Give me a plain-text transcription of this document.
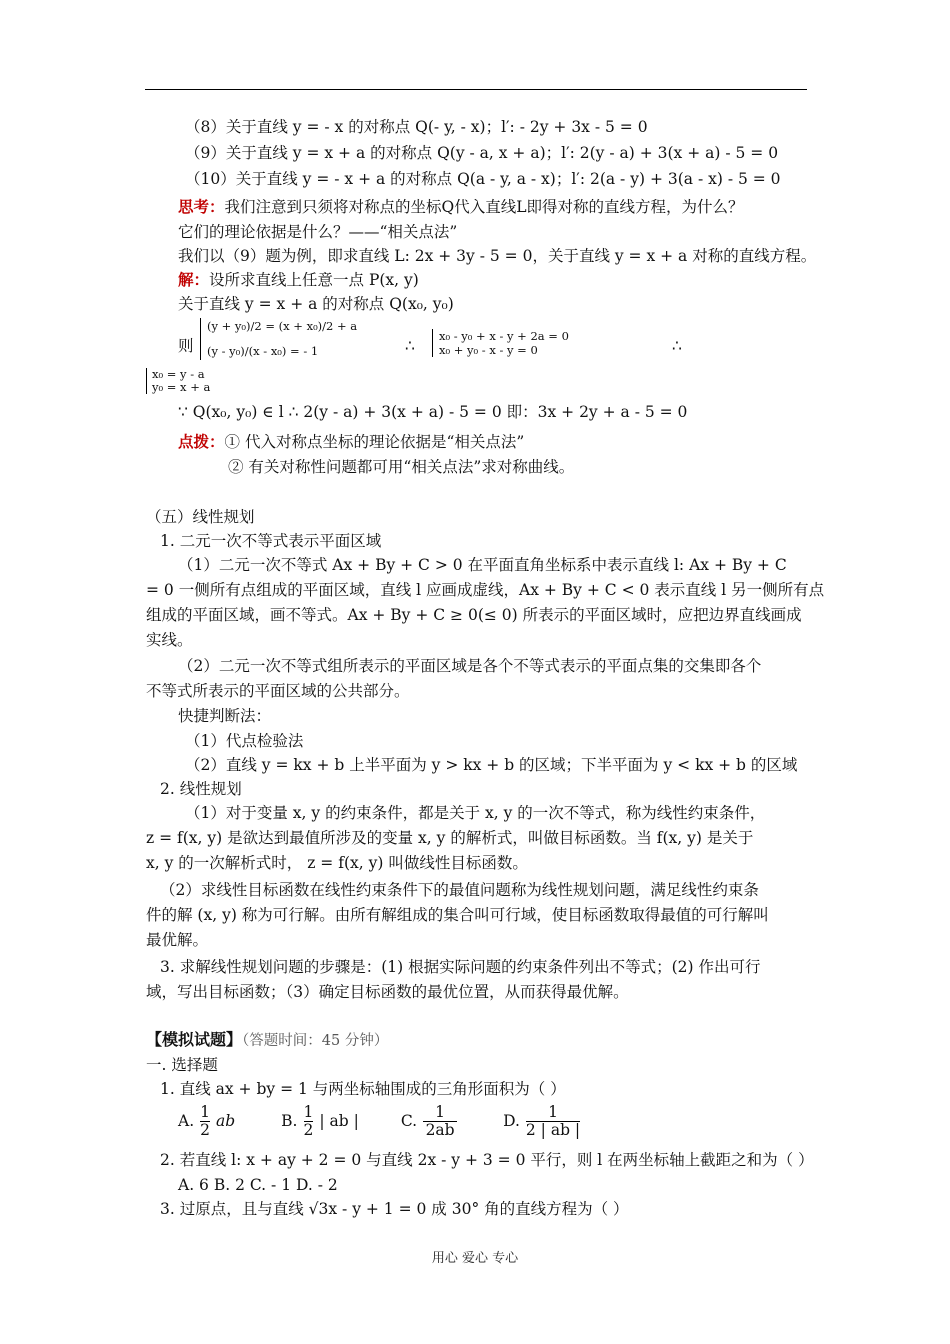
（8）关于直线 y = - x 的对称点 Q(- y, - x)；l′: - 2y + 3x - 5 = 0
（9）关于直线 y = x + a 的对称点 Q(y - a, x + a)；l′: 2(y - a) + 3(x + a) - 5 = 0
（10）关于直线 y = - x + a 的对称点 Q(a - y, a - x)；l′: 2(a - y) + 3(a - x) - 5 = 0
思考：我们注意到只须将对称点的坐标Q代入直线L即得对称的直线方程，为什么？
它们的理论依据是什么？——“相关点法”
我们以（9）题为例，即求直线 L: 2x + 3y - 5 = 0，关于直线 y = x + a 对称的直线方程。
解：设所求直线上任意一点 P(x, y)
关于直线 y = x + a 的对称点 Q(x₀, y₀)
则
(y + y₀)/2 = (x + x₀)/2 + a
(y - y₀)/(x - x₀) = - 1	∴
x₀ - y₀ + x - y + 2a = 0
x₀ + y₀ - x - y = 0	∴
x₀ = y - a
y₀ = x + a
∵ Q(x₀, y₀) ∈ l ∴ 2(y - a) + 3(x + a) - 5 = 0 即：3x + 2y + a - 5 = 0
点拨：① 代入对称点坐标的理论依据是“相关点法”
② 有关对称性问题都可用“相关点法”求对称曲线。
（五）线性规划
1. 二元一次不等式表示平面区域
（1）二元一次不等式 Ax + By + C > 0 在平面直角坐标系中表示直线 l: Ax + By + C
= 0 一侧所有点组成的平面区域，直线 l 应画成虚线，Ax + By + C < 0 表示直线 l 另一侧所有点
组成的平面区域，画不等式。Ax + By + C ≥ 0(≤ 0) 所表示的平面区域时，应把边界直线画成
实线。
（2）二元一次不等式组所表示的平面区域是各个不等式表示的平面点集的交集即各个
不等式所表示的平面区域的公共部分。
快捷判断法：
（1）代点检验法
（2）直线 y = kx + b 上半平面为 y > kx + b 的区域；下半平面为 y < kx + b 的区域
2. 线性规划
（1）对于变量 x, y 的约束条件，都是关于 x, y 的一次不等式，称为线性约束条件，
z = f(x, y) 是欲达到最值所涉及的变量 x, y 的解析式，叫做目标函数。当 f(x, y) 是关于
x, y 的一次解析式时， z = f(x, y) 叫做线性目标函数。
（2）求线性目标函数在线性约束条件下的最值问题称为线性规划问题，满足线性约束条
件的解 (x, y) 称为可行解。由所有解组成的集合叫可行域，使目标函数取得最值的可行解叫
最优解。
3. 求解线性规划问题的步骤是：(1) 根据实际问题的约束条件列出不等式；(2) 作出可行
域，写出目标函数；（3）确定目标函数的最优位置，从而获得最优解。
【模拟试题】（答题时间：45 分钟）
一. 选择题
1. 直线 ax + by = 1 与两坐标轴围成的三角形面积为（ ）
A. $\frac{1}{2}$ ab	B. $\frac{1}{2}$ | ab |	C. $\frac{1}{2ab}$	D. $\frac{1}{2 | ab |}$
2. 若直线 l: x + ay + 2 = 0 与直线 2x - y + 3 = 0 平行，则 l 在两坐标轴上截距之和为（ ）
A. 6 B. 2 C. - 1 D. - 2
3. 过原点，且与直线 √3x - y + 1 = 0 成 30° 角的直线方程为（ ）
用心 爱心 专心
